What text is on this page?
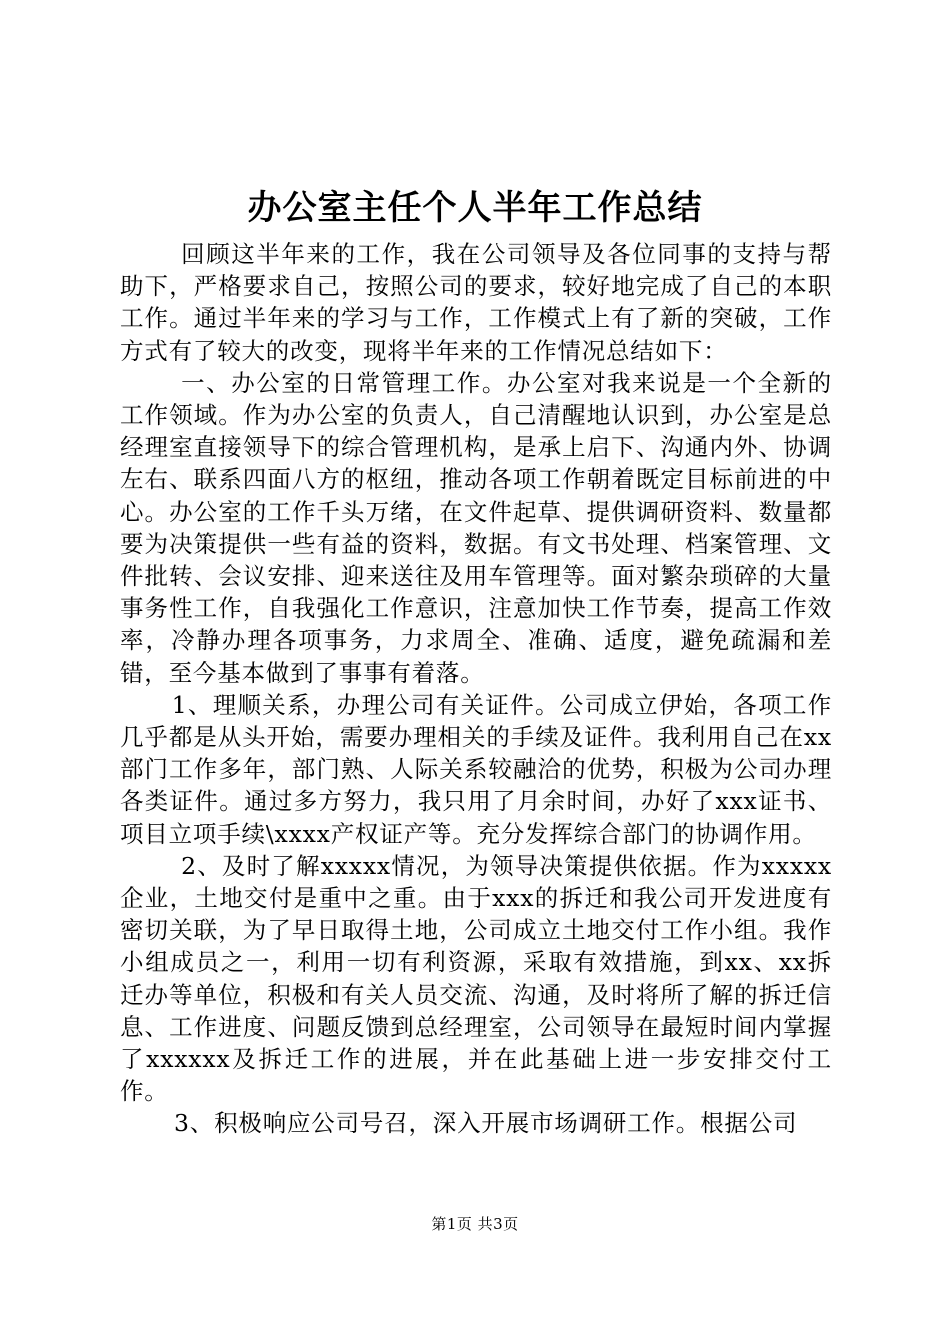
办公室主任个人半年工作总结

回顾这半年来的工作，我在公司领导及各位同事的支持与帮助下，严格要求自己，按照公司的要求，较好地完成了自己的本职工作。通过半年来的学习与工作，工作模式上有了新的突破，工作方式有了较大的改变，现将半年来的工作情况总结如下：

一、办公室的日常管理工作。办公室对我来说是一个全新的工作领域。作为办公室的负责人，自己清醒地认识到，办公室是总经理室直接领导下的综合管理机构，是承上启下、沟通内外、协调左右、联系四面八方的枢纽，推动各项工作朝着既定目标前进的中心。办公室的工作千头万绪，在文件起草、提供调研资料、数量都要为决策提供一些有益的资料，数据。有文书处理、档案管理、文件批转、会议安排、迎来送往及用车管理等。面对繁杂琐碎的大量事务性工作，自我强化工作意识，注意加快工作节奏，提高工作效率，冷静办理各项事务，力求周全、准确、适度，避免疏漏和差错，至今基本做到了事事有着落。

1、理顺关系，办理公司有关证件。公司成立伊始，各项工作几乎都是从头开始，需要办理相关的手续及证件。我利用自己在xx部门工作多年，部门熟、人际关系较融洽的优势，积极为公司办理各类证件。通过多方努力，我只用了月余时间，办好了xxx证书、项目立项手续\xxxx产权证产等。充分发挥综合部门的协调作用。

2、及时了解xxxxx情况，为领导决策提供依据。作为xxxxx企业，土地交付是重中之重。由于xxx的拆迁和我公司开发进度有密切关联，为了早日取得土地，公司成立土地交付工作小组。我作小组成员之一，利用一切有利资源，采取有效措施，到xx、xx拆迁办等单位，积极和有关人员交流、沟通，及时将所了解的拆迁信息、工作进度、问题反馈到总经理室，公司领导在最短时间内掌握了xxxxxx及拆迁工作的进展，并在此基础上进一步安排交付工作。

3、积极响应公司号召，深入开展市场调研工作。根据公司

第1页 共3页
